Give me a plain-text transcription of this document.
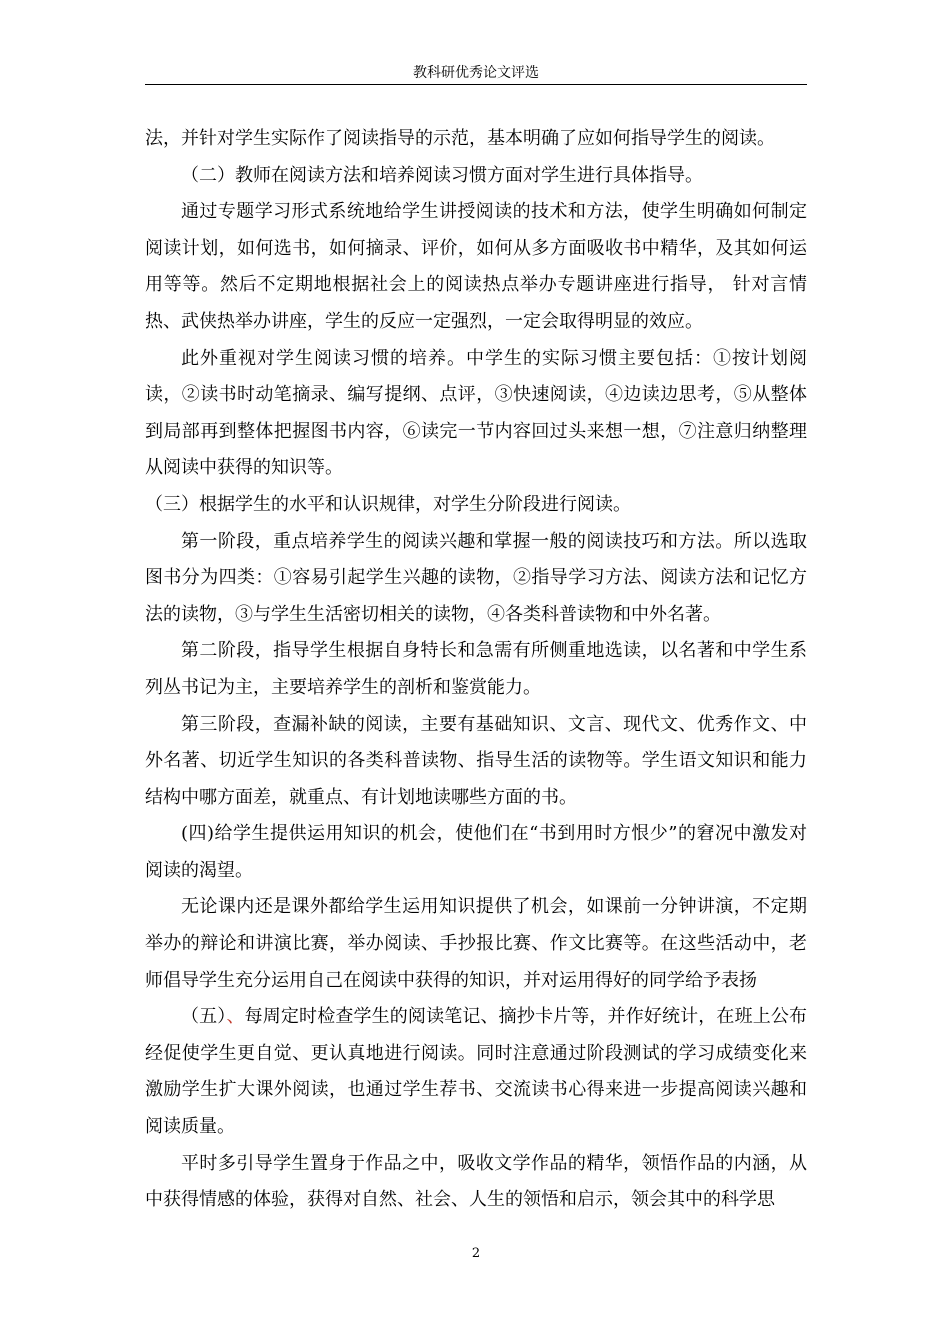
教科研优秀论文评选

法，并针对学生实际作了阅读指导的示范，基本明确了应如何指导学生的阅读。

（二）教师在阅读方法和培养阅读习惯方面对学生进行具体指导。

通过专题学习形式系统地给学生讲授阅读的技术和方法，使学生明确如何制定阅读计划，如何选书，如何摘录、评价，如何从多方面吸收书中精华，及其如何运用等等。然后不定期地根据社会上的阅读热点举办专题讲座进行指导， 针对言情热、武侠热举办讲座，学生的反应一定强烈，一定会取得明显的效应。

此外重视对学生阅读习惯的培养。中学生的实际习惯主要包括：①按计划阅读，②读书时动笔摘录、编写提纲、点评，③快速阅读，④边读边思考，⑤从整体到局部再到整体把握图书内容，⑥读完一节内容回过头来想一想，⑦注意归纳整理从阅读中获得的知识等。

（三）根据学生的水平和认识规律，对学生分阶段进行阅读。

第一阶段，重点培养学生的阅读兴趣和掌握一般的阅读技巧和方法。所以选取图书分为四类：①容易引起学生兴趣的读物，②指导学习方法、阅读方法和记忆方法的读物，③与学生生活密切相关的读物，④各类科普读物和中外名著。

第二阶段，指导学生根据自身特长和急需有所侧重地选读，以名著和中学生系列丛书记为主，主要培养学生的剖析和鉴赏能力。

第三阶段，查漏补缺的阅读，主要有基础知识、文言、现代文、优秀作文、中外名著、切近学生知识的各类科普读物、指导生活的读物等。学生语文知识和能力结构中哪方面差，就重点、有计划地读哪些方面的书。

(四)给学生提供运用知识的机会，使他们在“书到用时方恨少”的窘况中激发对阅读的渴望。

无论课内还是课外都给学生运用知识提供了机会，如课前一分钟讲演，不定期举办的辩论和讲演比赛，举办阅读、手抄报比赛、作文比赛等。在这些活动中，老师倡导学生充分运用自己在阅读中获得的知识，并对运用得好的同学给予表扬

（五）、每周定时检查学生的阅读笔记、摘抄卡片等，并作好统计，在班上公布经促使学生更自觉、更认真地进行阅读。同时注意通过阶段测试的学习成绩变化来激励学生扩大课外阅读，也通过学生荐书、交流读书心得来进一步提高阅读兴趣和阅读质量。

平时多引导学生置身于作品之中，吸收文学作品的精华，领悟作品的内涵，从中获得情感的体验，获得对自然、社会、人生的领悟和启示，领会其中的科学思

2
